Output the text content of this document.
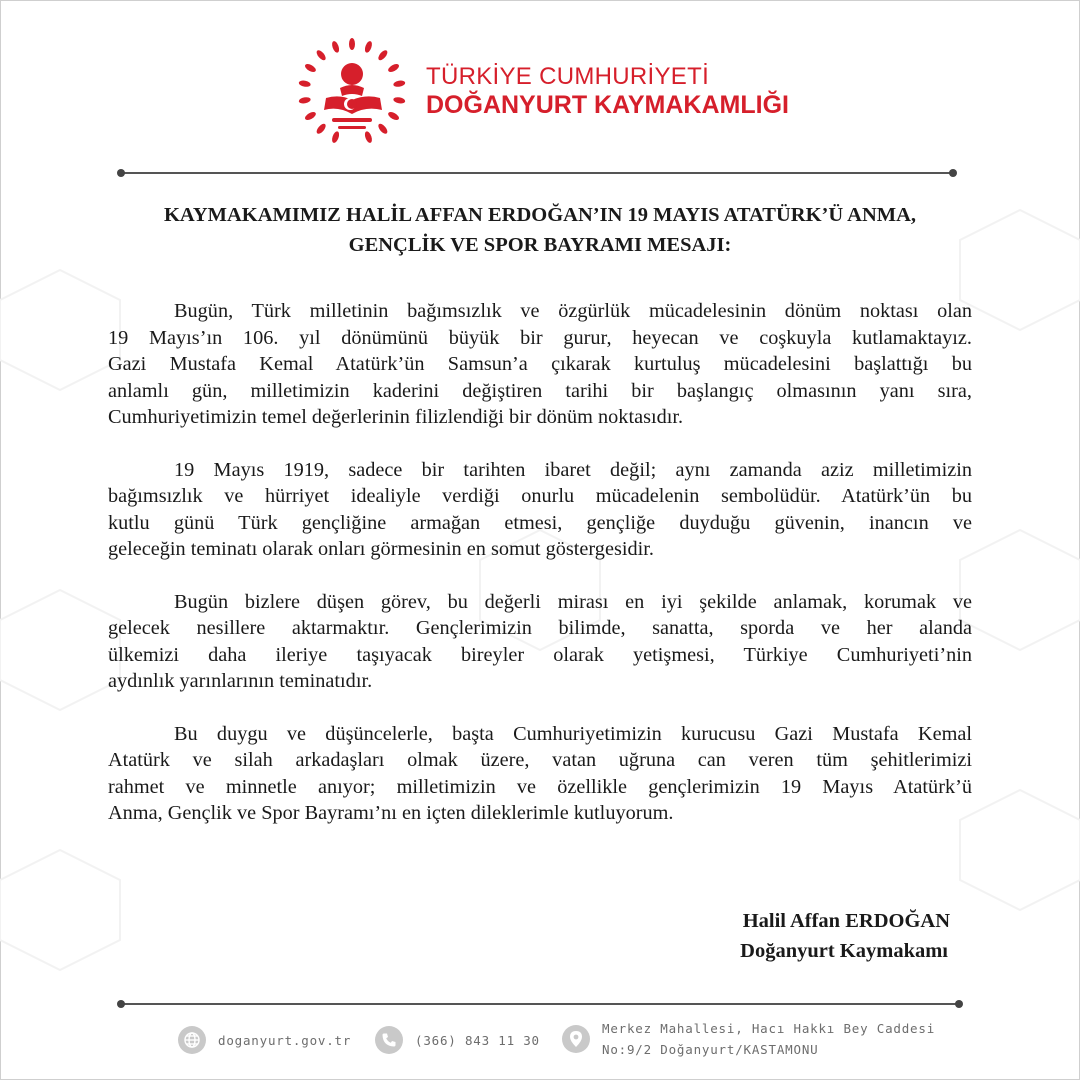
TÜRKİYE CUMHURİYETİ
DOĞANYURT KAYMAKAMLIĞI
KAYMAKAMIMIZ HALİL AFFAN ERDOĞAN’IN 19 MAYIS ATATÜRK’Ü ANMA,
GENÇLİK VE SPOR BAYRAMI MESAJI:
Bugün, Türk milletinin bağımsızlık ve özgürlük mücadelesinin dönüm noktası olan
19 Mayıs’ın 106. yıl dönümünü büyük bir gurur, heyecan ve coşkuyla kutlamaktayız.
Gazi Mustafa Kemal Atatürk’ün Samsun’a çıkarak kurtuluş mücadelesini başlattığı bu
anlamlı gün, milletimizin kaderini değiştiren tarihi bir başlangıç olmasının yanı sıra,
Cumhuriyetimizin temel değerlerinin filizlendiği bir dönüm noktasıdır.
19 Mayıs 1919, sadece bir tarihten ibaret değil; aynı zamanda aziz milletimizin
bağımsızlık ve hürriyet idealiyle verdiği onurlu mücadelenin sembolüdür. Atatürk’ün bu
kutlu günü Türk gençliğine armağan etmesi, gençliğe duyduğu güvenin, inancın ve
geleceğin teminatı olarak onları görmesinin en somut göstergesidir.
Bugün bizlere düşen görev, bu değerli mirası en iyi şekilde anlamak, korumak ve
gelecek nesillere aktarmaktır. Gençlerimizin bilimde, sanatta, sporda ve her alanda
ülkemizi daha ileriye taşıyacak bireyler olarak yetişmesi, Türkiye Cumhuriyeti’nin
aydınlık yarınlarının teminatıdır.
Bu duygu ve düşüncelerle, başta Cumhuriyetimizin kurucusu Gazi Mustafa Kemal
Atatürk ve silah arkadaşları olmak üzere, vatan uğruna can veren tüm şehitlerimizi
rahmet ve minnetle anıyor; milletimizin ve özellikle gençlerimizin 19 Mayıs Atatürk’ü
Anma, Gençlik ve Spor Bayramı’nı en içten dileklerimle kutluyorum.
Halil Affan ERDOĞAN
Doğanyurt Kaymakamı
doganyurt.gov.tr	(366) 843 11 30
Merkez Mahallesi, Hacı Hakkı Bey Caddesi
No:9/2 Doğanyurt/KASTAMONU
